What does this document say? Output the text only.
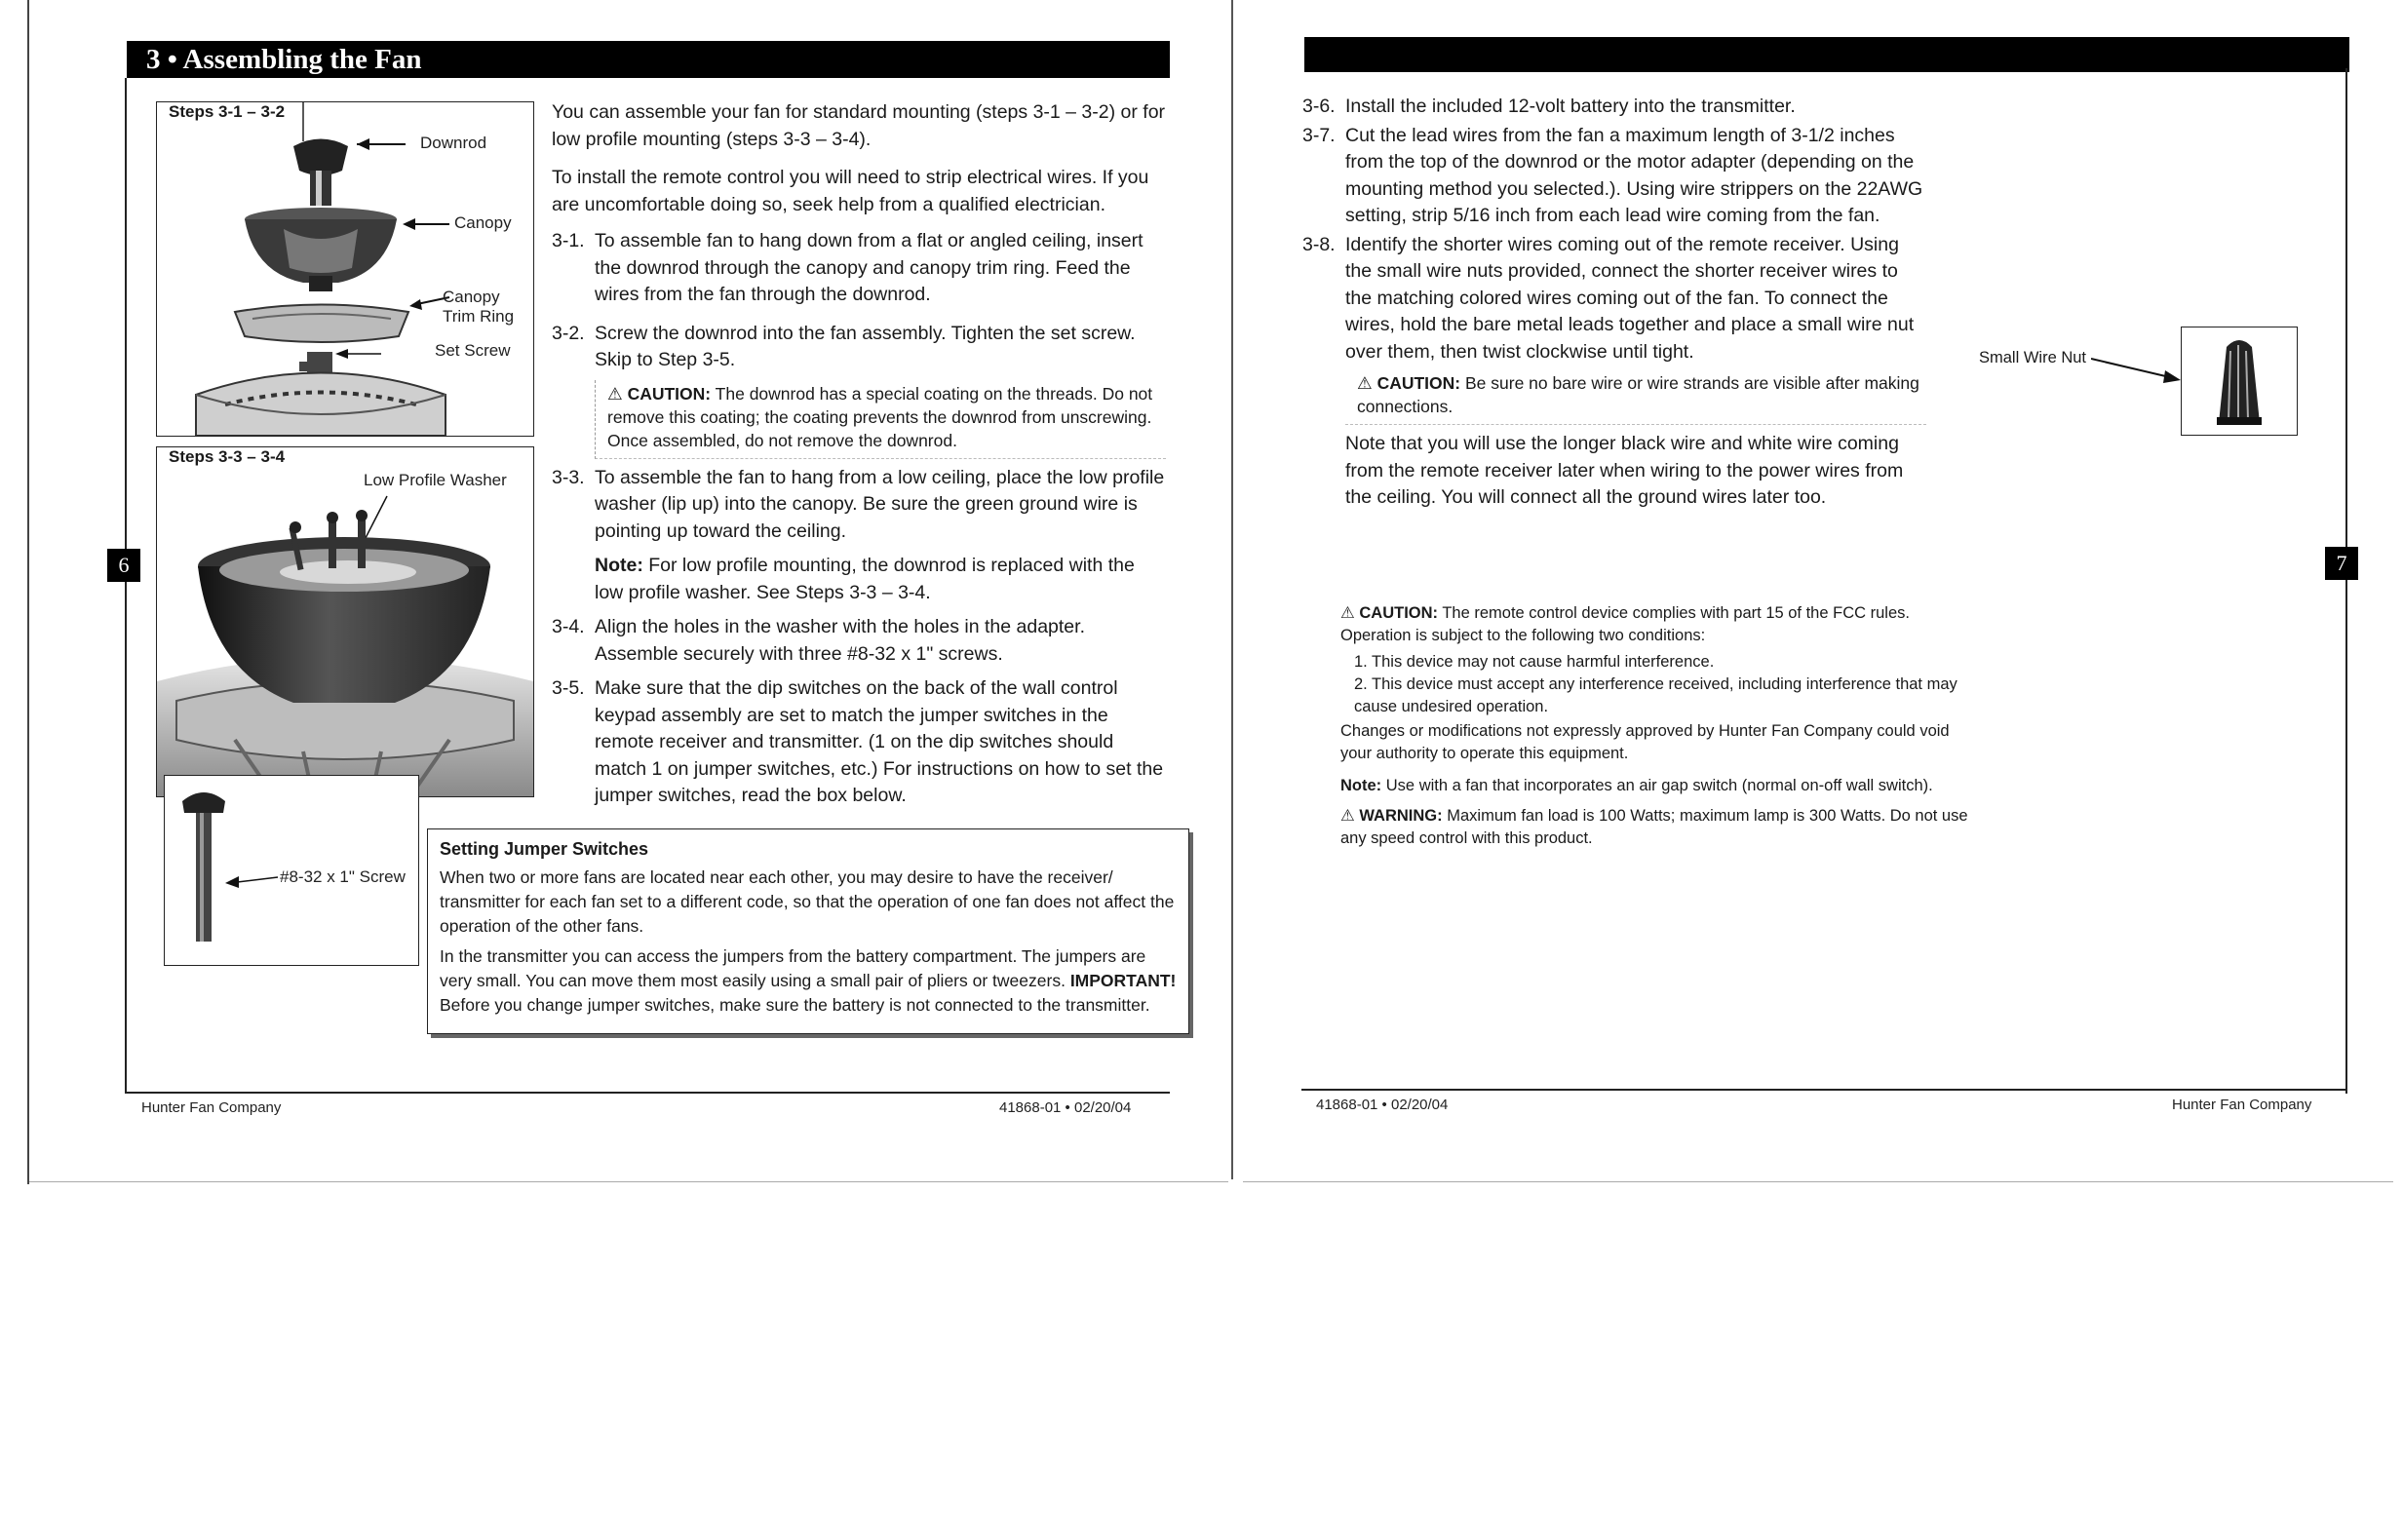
3 • Assembling the Fan
6
Steps 3-1 – 3-2
Downrod
Canopy
Canopy
Trim Ring
Set Screw
Steps 3-3 – 3-4
Low Profile Washer
#8-32 x 1" Screw

You can assemble your fan for standard mounting (steps 3-1 – 3-2) or for low profile mounting (steps 3-3 – 3-4).

To install the remote control you will need to strip electrical wires. If you are uncomfortable doing so, seek help from a qualified electrician.

3-1. To assemble fan to hang down from a flat or angled ceiling, insert the downrod through the canopy and canopy trim ring. Feed the wires from the fan through the downrod.
3-2. Screw the downrod into the fan assembly. Tighten the set screw. Skip to Step 3-5.
⚠ CAUTION: The downrod has a special coating on the threads. Do not remove this coating; the coating prevents the downrod from unscrewing. Once assembled, do not remove the downrod.
3-3. To assemble the fan to hang from a low ceiling, place the low profile washer (lip up) into the canopy. Be sure the green ground wire is pointing up toward the ceiling.
Note: For low profile mounting, the downrod is replaced with the low profile washer. See Steps 3-3 – 3-4.
3-4. Align the holes in the washer with the holes in the adapter. Assemble securely with three #8-32 x 1" screws.
3-5. Make sure that the dip switches on the back of the wall control keypad assembly are set to match the jumper switches in the remote receiver and transmitter. (1 on the dip switches should match 1 on jumper switches, etc.) For instructions on how to set the jumper switches, read the box below.
Setting Jumper Switches

When two or more fans are located near each other, you may desire to have the receiver/ transmitter for each fan set to a different code, so that the operation of one fan does not affect the operation of the other fans.

In the transmitter you can access the jumpers from the battery compartment. The jumpers are very small. You can move them most easily using a small pair of pliers or tweezers. IMPORTANT! Before you change jumper switches, make sure the battery is not connected to the transmitter.

Hunter Fan Company	41868-01 • 02/20/04
7
3-6. Install the included 12-volt battery into the transmitter.
3-7. Cut the lead wires from the fan a maximum length of 3-1/2 inches from the top of the downrod or the motor adapter (depending on the mounting method you selected.). Using wire strippers on the 22AWG setting, strip 5/16 inch from each lead wire coming from the fan.
3-8. Identify the shorter wires coming out of the remote receiver. Using the small wire nuts provided, connect the shorter receiver wires to the matching colored wires coming out of the fan. To connect the wires, hold the bare metal leads together and place a small wire nut over them, then twist clockwise until tight.
⚠ CAUTION: Be sure no bare wire or wire strands are visible after making connections.

Note that you will use the longer black wire and white wire coming from the remote receiver later when wiring to the power wires from the ceiling. You will connect all the ground wires later too.

Small Wire Nut
⚠ CAUTION: The remote control device complies with part 15 of the FCC rules. Operation is subject to the following two conditions:
1. This device may not cause harmful interference.
2. This device must accept any interference received, including interference that may cause undesired operation.
Changes or modifications not expressly approved by Hunter Fan Company could void your authority to operate this equipment.
Note: Use with a fan that incorporates an air gap switch (normal on-off wall switch).
⚠ WARNING: Maximum fan load is 100 Watts; maximum lamp is 300 Watts. Do not use any speed control with this product.
41868-01 • 02/20/04	Hunter Fan Company
